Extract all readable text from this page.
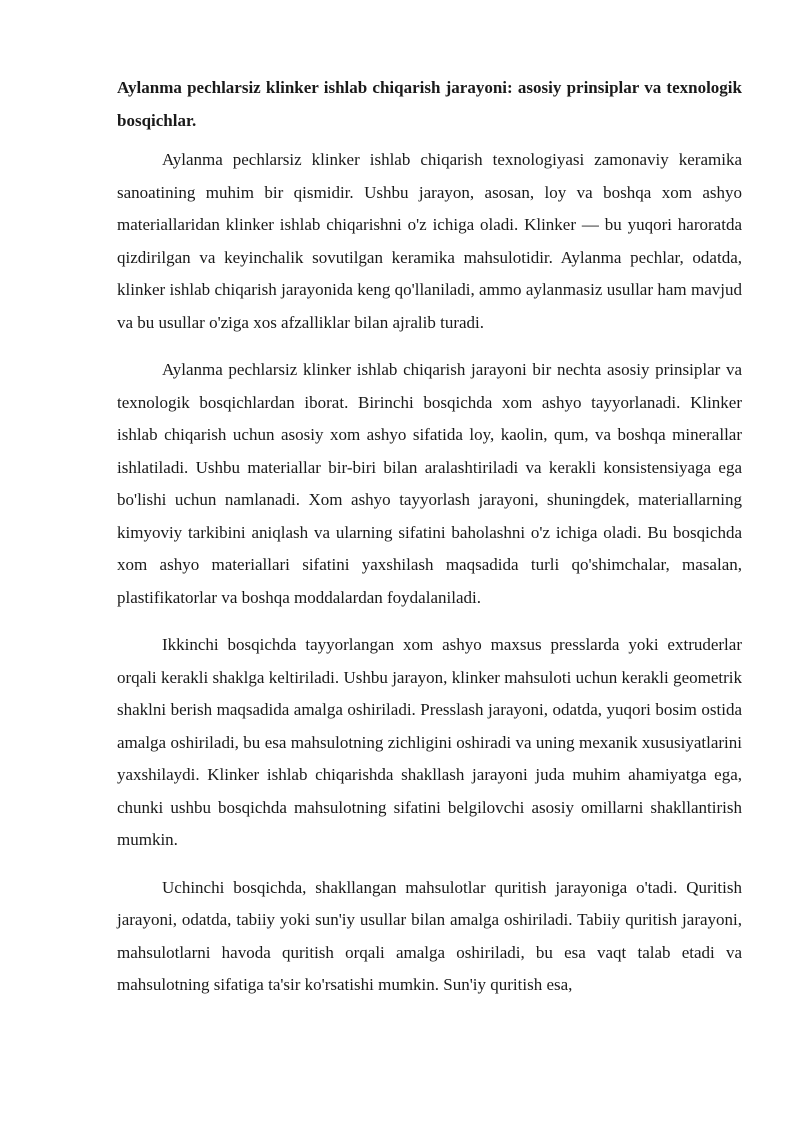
Aylanma pechlarsiz klinker ishlab chiqarish jarayoni: asosiy prinsiplar va texnologik bosqichlar.

Aylanma pechlarsiz klinker ishlab chiqarish texnologiyasi zamonaviy keramika sanoatining muhim bir qismidir. Ushbu jarayon, asosan, loy va boshqa xom ashyo materiallaridan klinker ishlab chiqarishni o'z ichiga oladi. Klinker — bu yuqori haroratda qizdirilgan va keyinchalik sovutilgan keramika mahsulotidir. Aylanma pechlar, odatda, klinker ishlab chiqarish jarayonida keng qo'llaniladi, ammo aylanmasiz usullar ham mavjud va bu usullar o'ziga xos afzalliklar bilan ajralib turadi.

Aylanma pechlarsiz klinker ishlab chiqarish jarayoni bir nechta asosiy prinsiplar va texnologik bosqichlardan iborat. Birinchi bosqichda xom ashyo tayyorlanadi. Klinker ishlab chiqarish uchun asosiy xom ashyo sifatida loy, kaolin, qum, va boshqa minerallar ishlatiladi. Ushbu materiallar bir-biri bilan aralashtiriladi va kerakli konsistensiyaga ega bo'lishi uchun namlanadi. Xom ashyo tayyorlash jarayoni, shuningdek, materiallarning kimyoviy tarkibini aniqlash va ularning sifatini baholashni o'z ichiga oladi. Bu bosqichda xom ashyo materiallari sifatini yaxshilash maqsadida turli qo'shimchalar, masalan, plastifikatorlar va boshqa moddalardan foydalaniladi.

Ikkinchi bosqichda tayyorlangan xom ashyo maxsus presslarda yoki extruderlar orqali kerakli shaklga keltiriladi. Ushbu jarayon, klinker mahsuloti uchun kerakli geometrik shaklni berish maqsadida amalga oshiriladi. Presslash jarayoni, odatda, yuqori bosim ostida amalga oshiriladi, bu esa mahsulotning zichligini oshiradi va uning mexanik xususiyatlarini yaxshilaydi. Klinker ishlab chiqarishda shakllash jarayoni juda muhim ahamiyatga ega, chunki ushbu bosqichda mahsulotning sifatini belgilovchi asosiy omillarni shakllantirish mumkin.

Uchinchi bosqichda, shakllangan mahsulotlar quritish jarayoniga o'tadi. Quritish jarayoni, odatda, tabiiy yoki sun'iy usullar bilan amalga oshiriladi. Tabiiy quritish jarayoni, mahsulotlarni havoda quritish orqali amalga oshiriladi, bu esa vaqt talab etadi va mahsulotning sifatiga ta'sir ko'rsatishi mumkin. Sun'iy quritish esa,
